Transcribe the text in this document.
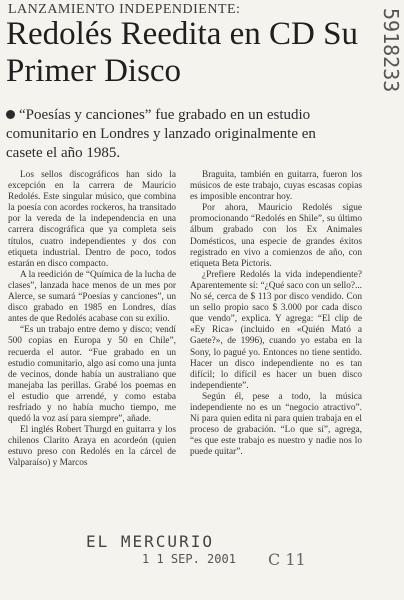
LANZAMIENTO INDEPENDIENTE:
Redolés Reedita en CD Su Primer Disco
“Poesías y canciones” fue grabado en un estudio comunitario en Londres y lanzado originalmente en casete el año 1985.
5918233

Los sellos discográficos han sido la excepción en la carrera de Mauricio Redolés. Este singular músico, que combina la poesía con acordes rockeros, ha transitado por la vereda de la independencia en una carrera discográfica que ya completa seis títulos, cuatro independientes y dos con etiqueta industrial. Dentro de poco, todos estarán en disco compacto.

A la reedición de “Química de la lucha de clases”, lanzada hace menos de un mes por Alerce, se sumará “Poesías y canciones”, un disco grabado en 1985 en Londres, días antes de que Redolés acabase con su exilio.

“Es un trabajo entre demo y disco; vendí 500 copias en Europa y 50 en Chile”, recuerda el autor. “Fue grabado en un estudio comunitario, algo así como una junta de vecinos, donde había un australiano que manejaba las perillas. Grabé los poemas en el estudio que arrendé, y como estaba resfriado y no había mucho tiempo, me quedó la voz así para siempre”, añade.

El inglés Robert Thurgd en guitarra y los chilenos Clarito Araya en acordeón (quien estuvo preso con Redolés en la cárcel de Valparaíso) y Marcos

Braguita, también en guitarra, fueron los músicos de este trabajo, cuyas escasas copias es imposible encontrar hoy.

Por ahora, Mauricio Redolés sigue promocionando “Redolés en Shile”, su último álbum grabado con los Ex Animales Domésticos, una especie de grandes éxitos registrado en vivo a comienzos de año, con etiqueta Beta Pictoris.

¿Prefiere Redolés la vida independiente? Aparentemente sí: “¿Qué saco con un sello?... No sé, cerca de $ 113 por disco vendido. Con un sello propio saco $ 3.000 por cada disco que vendo”, explica. Y agrega: “El clip de «Ey Rica» (incluido en «Quién Mató a Gaete?», de 1996), cuando yo estaba en la Sony, lo pagué yo. Entonces no tiene sentido. Hacer un disco independiente no es tan difícil; lo difícil es hacer un buen disco independiente”.

Según él, pese a todo, la música independiente no es un “negocio atractivo”. Ni para quien edita ni para quien trabaja en el proceso de grabación. “Lo que sí”, agrega, “es que este trabajo es nuestro y nadie nos lo puede quitar”.

EL MERCURIO
1 1 SEP. 2001 C 11
